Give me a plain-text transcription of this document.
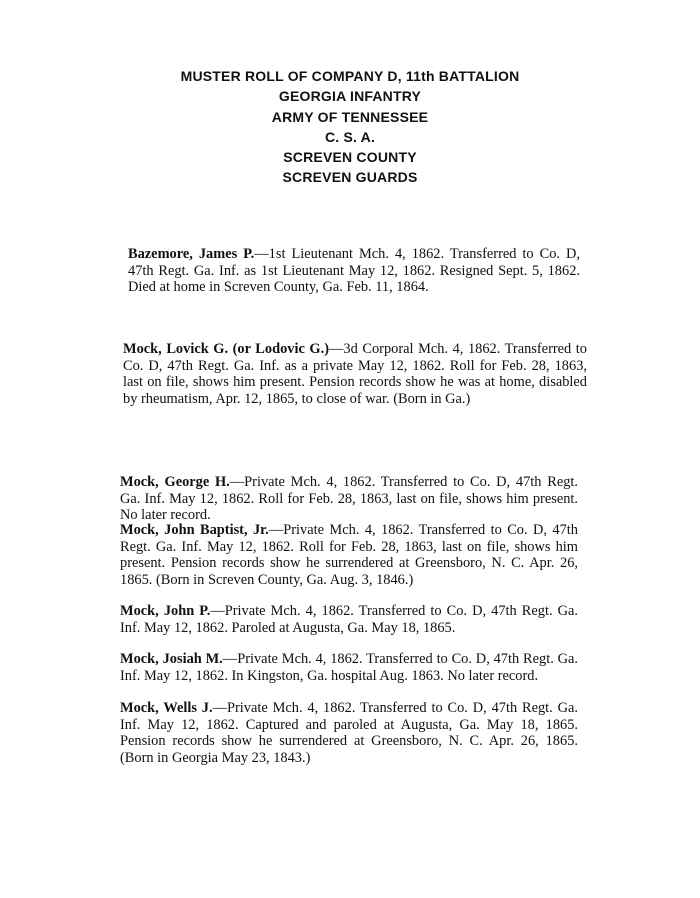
MUSTER ROLL OF COMPANY D, 11th BATTALION
GEORGIA INFANTRY
ARMY OF TENNESSEE
C. S. A.
SCREVEN COUNTY
SCREVEN GUARDS

Bazemore, James P.—1st Lieutenant Mch. 4, 1862. Transferred to Co. D, 47th Regt. Ga. Inf. as 1st Lieutenant May 12, 1862. Resigned Sept. 5, 1862. Died at home in Screven County, Ga. Feb. 11, 1864.

Mock, Lovick G. (or Lodovic G.)—3d Corporal Mch. 4, 1862. Transferred to Co. D, 47th Regt. Ga. Inf. as a private May 12, 1862. Roll for Feb. 28, 1863, last on file, shows him present. Pension records show he was at home, disabled by rheumatism, Apr. 12, 1865, to close of war. (Born in Ga.)

Mock, George H.—Private Mch. 4, 1862. Transferred to Co. D, 47th Regt. Ga. Inf. May 12, 1862. Roll for Feb. 28, 1863, last on file, shows him present. No later record.

Mock, John Baptist, Jr.—Private Mch. 4, 1862. Transferred to Co. D, 47th Regt. Ga. Inf. May 12, 1862. Roll for Feb. 28, 1863, last on file, shows him present. Pension records show he surrendered at Greensboro, N. C. Apr. 26, 1865. (Born in Screven County, Ga. Aug. 3, 1846.)

Mock, John P.—Private Mch. 4, 1862. Transferred to Co. D, 47th Regt. Ga. Inf. May 12, 1862. Paroled at Augusta, Ga. May 18, 1865.

Mock, Josiah M.—Private Mch. 4, 1862. Transferred to Co. D, 47th Regt. Ga. Inf. May 12, 1862. In Kingston, Ga. hospital Aug. 1863. No later record.

Mock, Wells J.—Private Mch. 4, 1862. Transferred to Co. D, 47th Regt. Ga. Inf. May 12, 1862. Captured and paroled at Augusta, Ga. May 18, 1865. Pension records show he surrendered at Greensboro, N. C. Apr. 26, 1865. (Born in Georgia May 23, 1843.)
